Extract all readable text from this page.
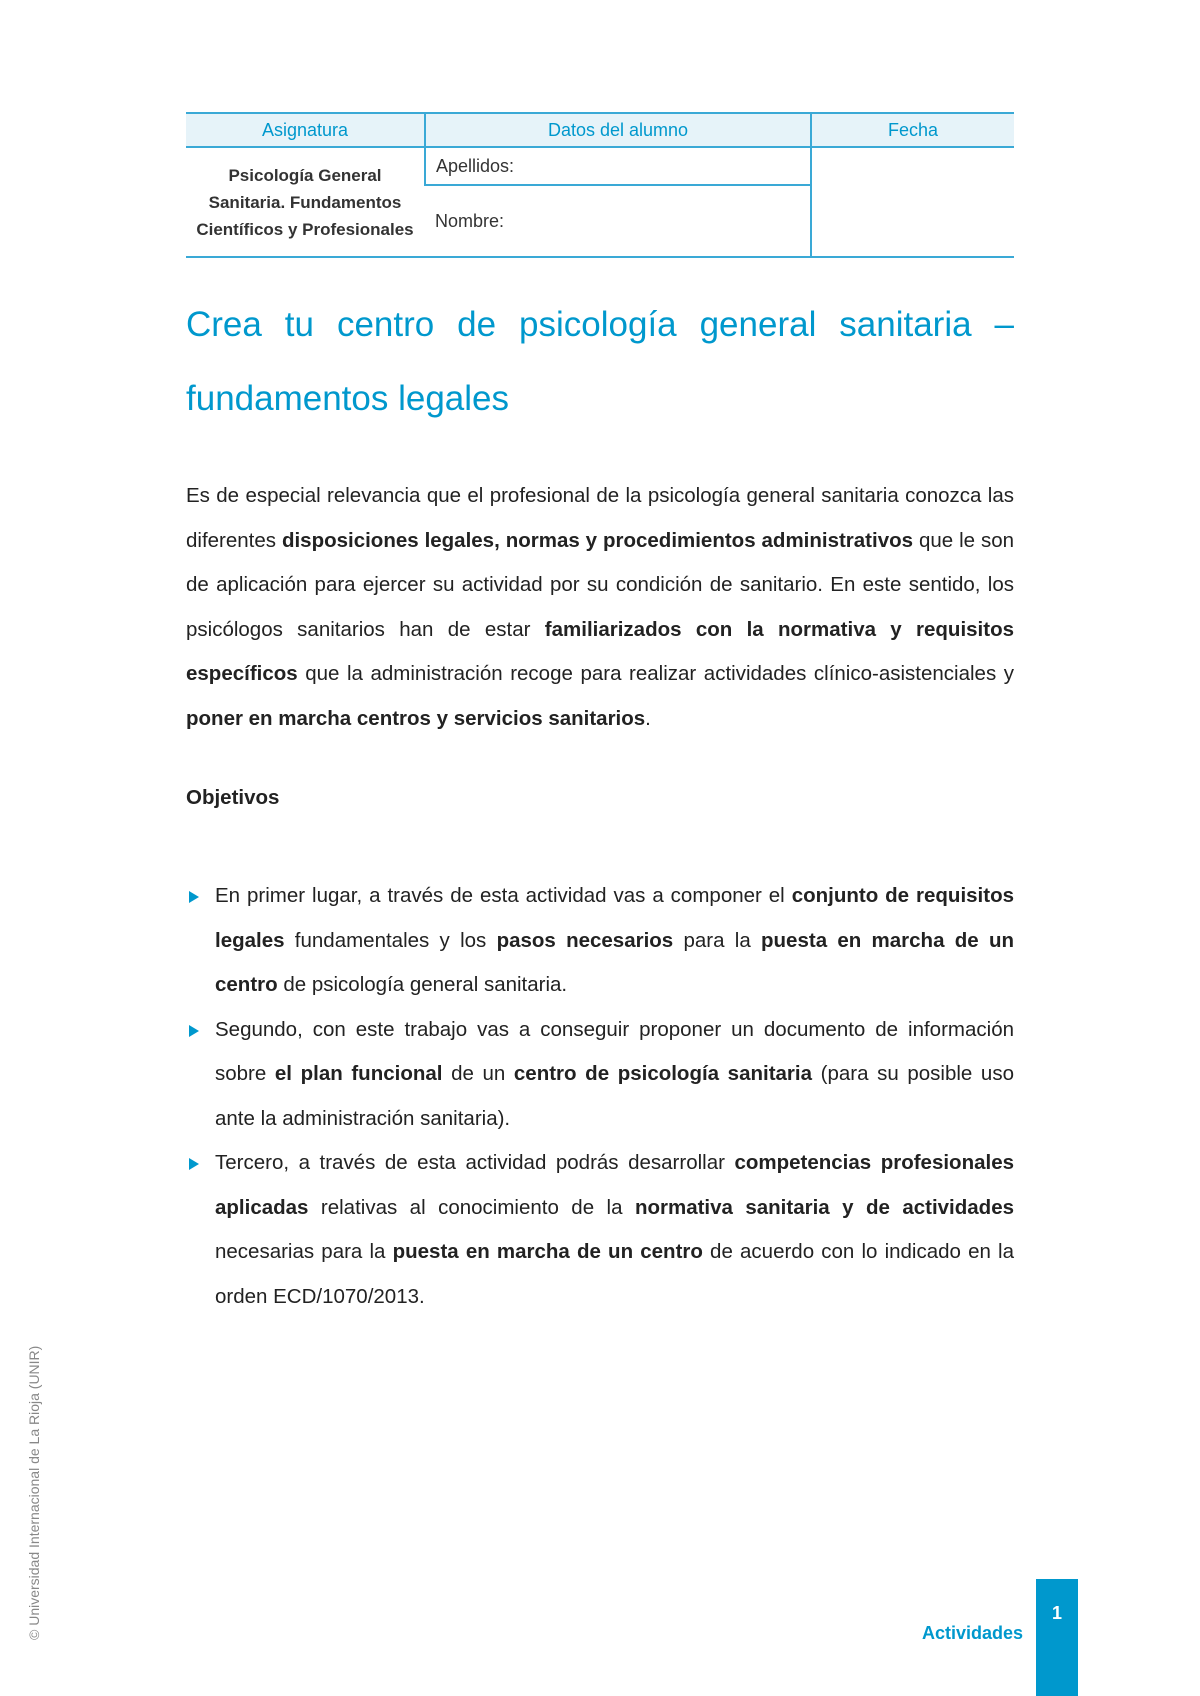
Asignatura	Datos del alumno	Fecha
Psicología General Sanitaria. Fundamentos Científicos y Profesionales	Apellidos:	
	Nombre:	
Crea tu centro de psicología general sanitaria – fundamentos legales

Es de especial relevancia que el profesional de la psicología general sanitaria conozca las diferentes disposiciones legales, normas y procedimientos administrativos que le son de aplicación para ejercer su actividad por su condición de sanitario. En este sentido, los psicólogos sanitarios han de estar familiarizados con la normativa y requisitos específicos que la administración recoge para realizar actividades clínico-asistenciales y poner en marcha centros y servicios sanitarios.

Objetivos
En primer lugar, a través de esta actividad vas a componer el conjunto de requisitos legales fundamentales y los pasos necesarios para la puesta en marcha de un centro de psicología general sanitaria.
Segundo, con este trabajo vas a conseguir proponer un documento de información sobre el plan funcional de un centro de psicología sanitaria (para su posible uso ante la administración sanitaria).
Tercero, a través de esta actividad podrás desarrollar competencias profesionales aplicadas relativas al conocimiento de la normativa sanitaria y de actividades necesarias para la puesta en marcha de un centro de acuerdo con lo indicado en la orden ECD/1070/2013.
© Universidad Internacional de La Rioja (UNIR)	Actividades
1
